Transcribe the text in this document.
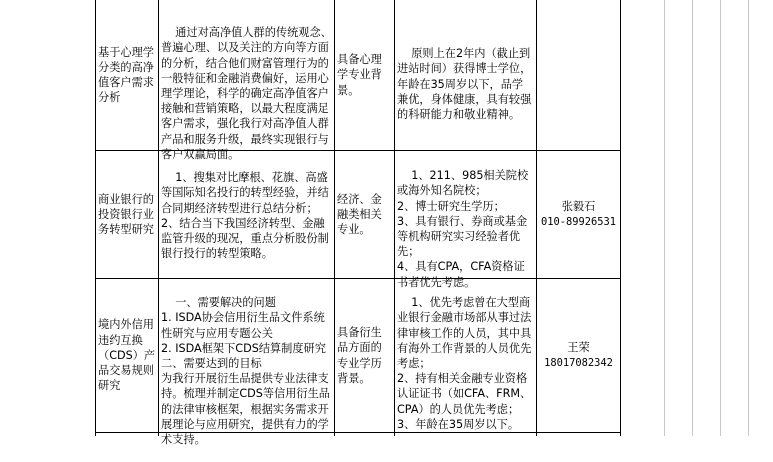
基于心理学分类的高净值客户需求分析

通过对高净值人群的传统观念、普遍心理、以及关注的方向等方面的分析，结合他们财富管理行为的一般特征和金融消费偏好，运用心理学理论，科学的确定高净值客户接触和营销策略，以最大程度满足客户需求，强化我行对高净值人群产品和服务升级，最终实现银行与客户双赢局面。

具备心理学专业背景。

原则上在2年内（截止到进站时间）获得博士学位，年龄在35周岁以下，品学兼优，身体健康，具有较强的科研能力和敬业精神。

商业银行的投资银行业务转型研究

1、搜集对比摩根、花旗、高盛等国际知名投行的转型经验，并结合同期经济转型进行总结分析；
2、结合当下我国经济转型、金融监管升级的现况，重点分析股份制银行投行的转型策略。

经济、金融类相关专业。

1、211、985相关院校或海外知名院校；
2、博士研究生学历；
3、具有银行、券商或基金等机构研究实习经验者优先；
4、具有CPA，CFA资格证书者优先考虑。

张毅石
010-89926531
境内外信用违约互换（CDS）产品交易规则研究

一、需要解决的问题
1. ISDA协会信用衍生品文件系统性研究与应用专题公关
2. ISDA框架下CDS结算制度研究
二、需要达到的目标
为我行开展衍生品提供专业法律支持。梳理并制定CDS等信用衍生品的法律审核框架，根据实务需求开展理论与应用研究，提供有力的学术支持。

具备衍生品方面的专业学历背景。

1、优先考虑曾在大型商业银行金融市场部从事过法律审核工作的人员，其中具有海外工作背景的人员优先考虑；
2、持有相关金融专业资格认证证书（如CFA、FRM、CPA）的人员优先考虑；
3、年龄在35周岁以下。

王荣
18017082342
